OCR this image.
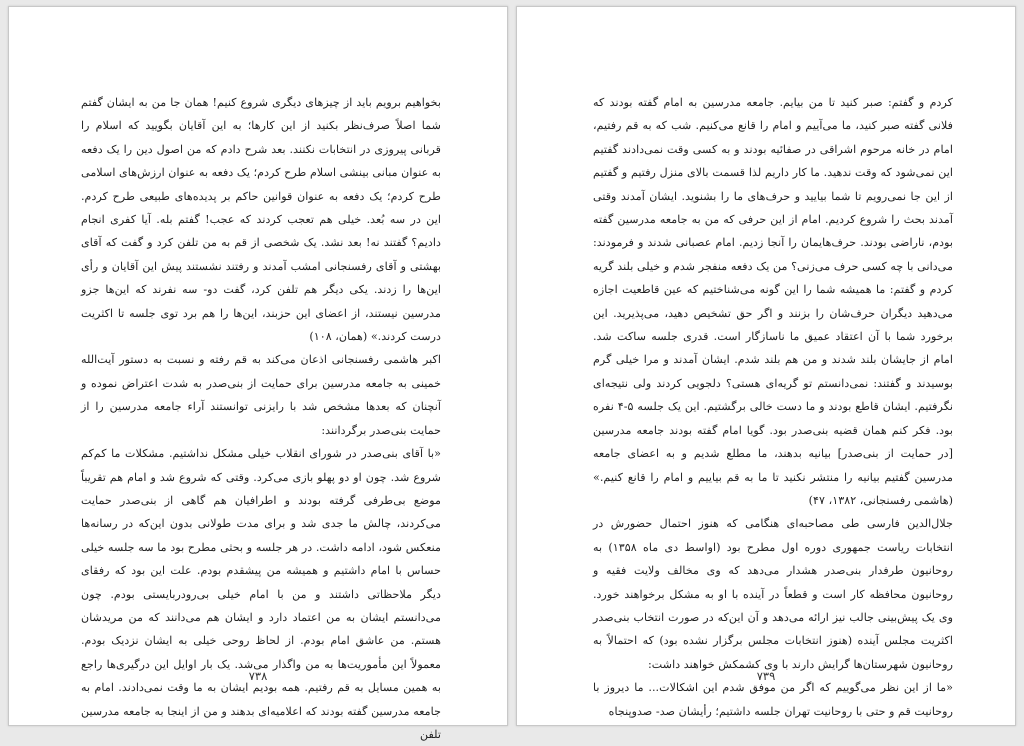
بخواهیم برویم باید از چیزهای دیگری شروع کنیم! همان جا من به ایشان گفتم شما اصلاً صرف‌نظر بکنید از این کارها؛ به این آقایان بگویید که اسلام را قربانی پیروزی در انتخابات نکنند. بعد شرح دادم که من اصول دین را یک دفعه به عنوان مبانی بینشی اسلام طرح کردم؛ یک دفعه به عنوان ارزش‌های اسلامی طرح کردم؛ یک دفعه به عنوان قوانین حاکم بر پدیده‌های طبیعی طرح کردم. این در سه بُعد. خیلی هم تعجب کردند که عجب! گفتم بله. آیا کفری انجام دادیم؟ گفتند نه! بعد نشد. یک شخصی از قم به من تلفن کرد و گفت که آقای بهشتی و آقای رفسنجانی امشب آمدند و رفتند نشستند پیش این آقایان و رأی این‌ها را زدند. یکی دیگر هم تلفن کرد، گفت دو- سه نفرند که این‌ها جزو مدرسین نیستند، از اعضای این حزبند، این‌ها را هم برد توی جلسه تا اکثریت درست کردند.» (همان، ۱۰۸)

اکبر هاشمی رفسنجانی اذعان می‌کند به قم رفته و نسبت به دستور آیت‌الله خمینی به جامعه مدرسین برای حمایت از بنی‌صدر به شدت اعتراض نموده و آنچنان که بعدها مشخص شد با رایزنی توانستند آراء جامعه مدرسین را از حمایت بنی‌صدر برگردانند:

«با آقای بنی‌صدر در شورای انقلاب خیلی مشکل نداشتیم. مشکلات ما کم‌کم شروع شد. چون او دو پهلو بازی می‌کرد. وقتی که شروع شد و امام هم تقریباً موضع بی‌طرفی گرفته بودند و اطرافیان هم گاهی از بنی‌صدر حمایت می‌کردند، چالش ما جدی شد و برای مدت طولانی بدون این‌که در رسانه‌ها منعکس شود، ادامه داشت. در هر جلسه و بحثی مطرح بود ما سه جلسه خیلی حساس با امام داشتیم و همیشه من پیشقدم بودم. علت این بود که رفقای دیگر ملاحظاتی داشتند و من با امام خیلی بی‌رودربایستی بودم. چون می‌دانستم ایشان به من اعتماد دارد و ایشان هم می‌دانند که من مریدشان هستم. من عاشق امام بودم. از لحاظ روحی خیلی به ایشان نزدیک بودم. معمولاً این مأموریت‌ها به من واگذار می‌شد. یک بار اوایل این درگیری‌ها راجع به همین مسایل به قم رفتیم. همه بودیم ایشان به ما وقت نمی‌دادند. امام به جامعه مدرسین گفته بودند که اعلامیه‌ای بدهند و من از اینجا به جامعه مدرسین تلفن

۷۳۸

کردم و گفتم: صبر کنید تا من بیایم. جامعه مدرسین به امام گفته بودند که فلانی گفته صبر کنید، ما می‌آییم و امام را قانع می‌کنیم. شب که به قم رفتیم، امام در خانه مرحوم اشراقی در صفائیه بودند و به کسی وقت نمی‌دادند گفتیم این نمی‌شود که وقت ندهید. ما کار داریم لذا قسمت بالای منزل رفتیم و گفتیم از این جا نمی‌رویم تا شما بیایید و حرف‌های ما را بشنوید. ایشان آمدند وقتی آمدند بحث را شروع کردیم. امام از این حرفی که من به جامعه مدرسین گفته بودم، ناراضی بودند. حرف‌هایمان را آنجا زدیم. امام عصبانی شدند و فرمودند: می‌دانی با چه کسی حرف می‌زنی؟ من یک دفعه منفجر شدم و خیلی بلند گریه کردم و گفتم: ما همیشه شما را این گونه می‌شناختیم که عین قاطعیت اجازه می‌دهید دیگران حرف‌شان را بزنند و اگر حق تشخیص دهید، می‌پذیرید. این برخورد شما با آن اعتقاد عمیق ما ناسازگار است. قدری جلسه ساکت شد. امام از جایشان بلند شدند و من هم بلند شدم. ایشان آمدند و مرا خیلی گرم بوسیدند و گفتند: نمی‌دانستم تو گریه‌ای هستی؟ دلجویی کردند ولی نتیجه‌ای نگرفتیم. ایشان قاطع بودند و ما دست خالی برگشتیم. این یک جلسه ۵-۴ نفره بود. فکر کنم همان قضیه بنی‌صدر بود. گویا امام گفته بودند جامعه مدرسین [در حمایت از بنی‌صدر] بیانیه بدهند، ما مطلع شدیم و به اعضای جامعه مدرسین گفتیم بیانیه را منتشر نکنید تا ما به قم بیاییم و امام را قانع کنیم.» (هاشمی رفسنجانی، ۱۳۸۲، ۴۷)

جلال‌الدین فارسی طی مصاحبه‌ای هنگامی که هنوز احتمال حضورش در انتخابات ریاست جمهوری دوره اول مطرح بود (اواسط دی ماه ۱۳۵۸) به روحانیون طرفدار بنی‌صدر هشدار می‌دهد که وی مخالف ولایت فقیه و روحانیون محافظه کار است و قطعاً در آینده با او به مشکل برخواهند خورد. وی یک پیش‌بینی جالب نیز ارائه می‌دهد و آن این‌که در صورت انتخاب بنی‌صدر اکثریت مجلس آینده (هنوز انتخابات مجلس برگزار نشده بود) که احتمالاً به روحانیون شهرستان‌ها گرایش دارند با وی کشمکش خواهند داشت:

«ما از این نظر می‌گوییم که اگر من موفق شدم این اشکالات... ما دیروز با روحانیت قم و حتی با روحانیت تهران جلسه داشتیم؛ رأیشان صد- صدوپنجاه

۷۳۹
